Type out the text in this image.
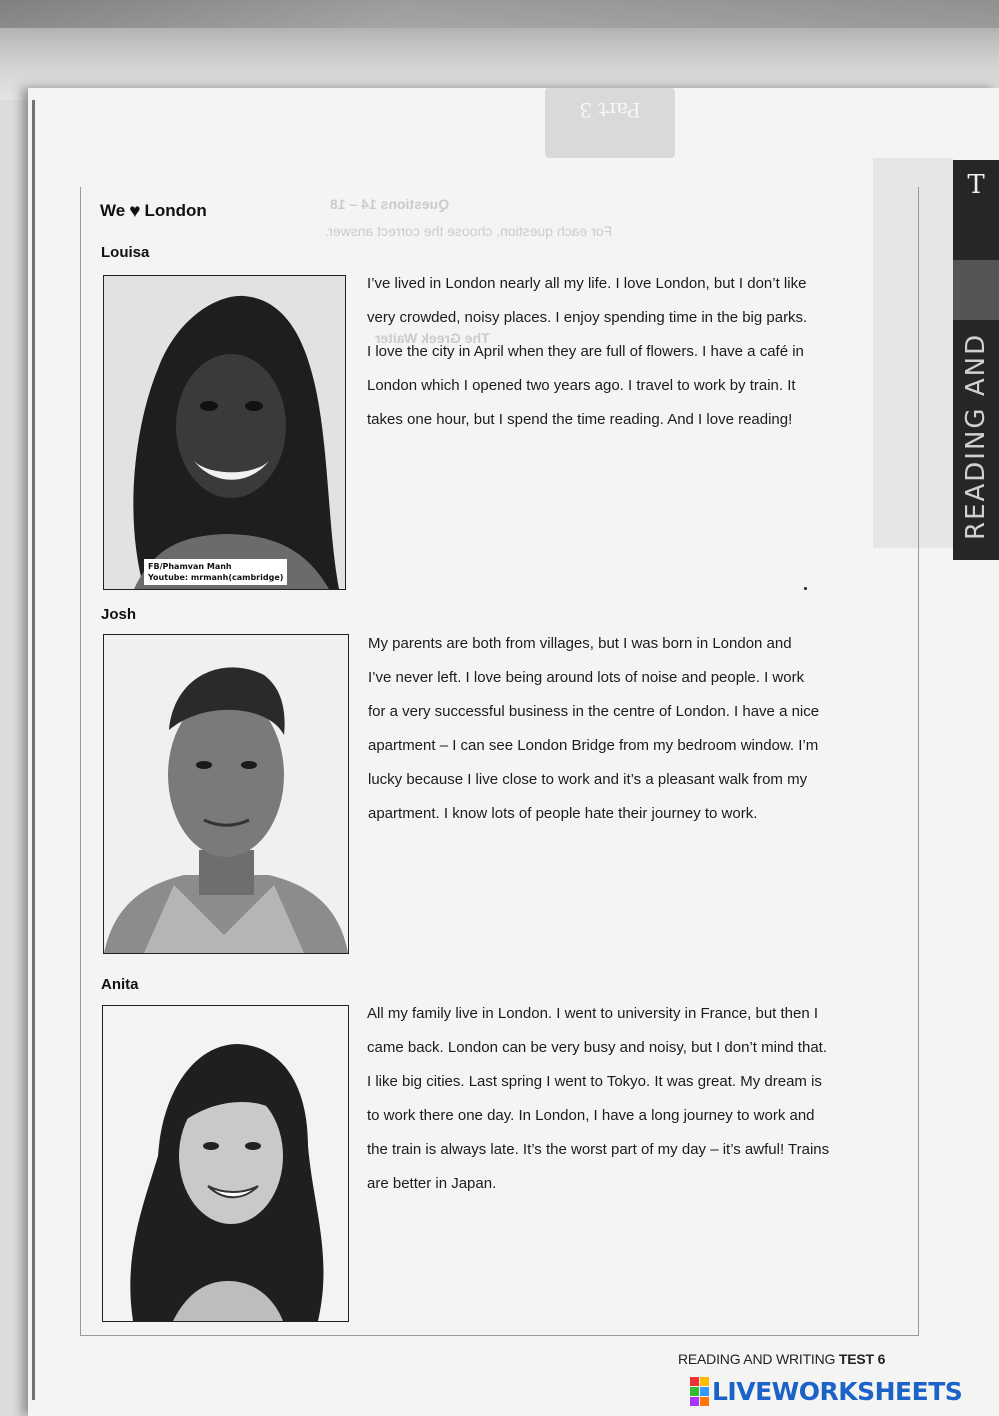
Part 3
T
READING AND
Questions 14 – 18
For each question, choose the correct answer.
The Greek Waiter
We ♥ London
Louisa
FB/Phamvan Manh
Youtube: mrmanh(cambridge)
I’ve lived in London nearly all my life. I love London, but I don’t like
very crowded, noisy places. I enjoy spending time in the big parks.
I love the city in April when they are full of flowers. I have a café in
London which I opened two years ago. I travel to work by train. It
takes one hour, but I spend the time reading. And I love reading!
Josh
My parents are both from villages, but I was born in London and
I’ve never left. I love being around lots of noise and people. I work
for a very successful business in the centre of London. I have a nice
apartment – I can see London Bridge from my bedroom window. I’m
lucky because I live close to work and it’s a pleasant walk from my
apartment. I know lots of people hate their journey to work.
Anita
All my family live in London. I went to university in France, but then I
came back. London can be very busy and noisy, but I don’t mind that.
I like big cities. Last spring I went to Tokyo. It was great. My dream is
to work there one day. In London, I have a long journey to work and
the train is always late. It’s the worst part of my day – it’s awful! Trains
are better in Japan.
READING AND WRITING TEST 6
LIVEWORKSHEETS
